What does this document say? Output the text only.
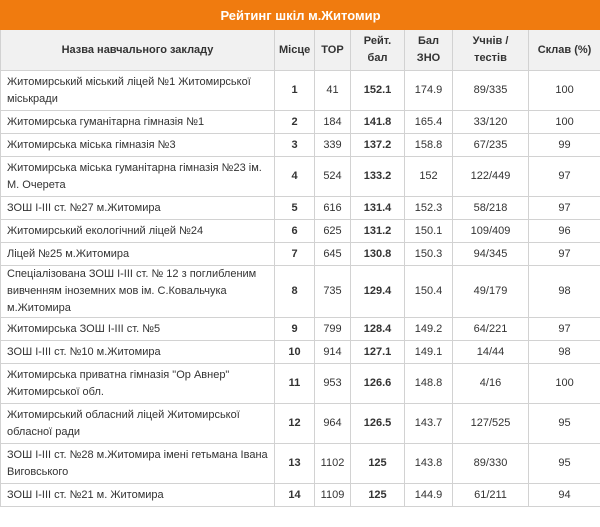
Рейтинг шкіл м.Житомир						
Назва навчального закладу	Місце	TOP	Рейт. бал	Бал ЗНО	Учнів / тестів	Склав (%)
Житомирський міський ліцей №1 Житомирської міськради	1	41	152.1	174.9	89/335	100
Житомирська гуманітарна гімназія №1	2	184	141.8	165.4	33/120	100
Житомирська міська гімназія №3	3	339	137.2	158.8	67/235	99
Житомирська міська гуманітарна гімназія №23 ім. М. Очерета	4	524	133.2	152	122/449	97
ЗОШ I-III ст. №27 м.Житомира	5	616	131.4	152.3	58/218	97
Житомирський екологічний ліцей №24	6	625	131.2	150.1	109/409	96
Ліцей №25 м.Житомира	7	645	130.8	150.3	94/345	97
Спеціалізована ЗОШ I-III ст. № 12 з поглибленим вивченням іноземних мов ім. С.Ковальчука м.Житомира	8	735	129.4	150.4	49/179	98
Житомирська ЗОШ I-III ст. №5	9	799	128.4	149.2	64/221	97
ЗОШ I-III ст. №10 м.Житомира	10	914	127.1	149.1	14/44	98
Житомирська приватна гімназія "Ор Авнер" Житомирської обл.	11	953	126.6	148.8	4/16	100
Житомирський обласний ліцей Житомирської обласної ради	12	964	126.5	143.7	127/525	95
ЗОШ I-III ст. №28 м.Житомира імені гетьмана Івана Виговського	13	1102	125	143.8	89/330	95
ЗОШ I-III ст. №21 м. Житомира	14	1109	125	144.9	61/211	94
